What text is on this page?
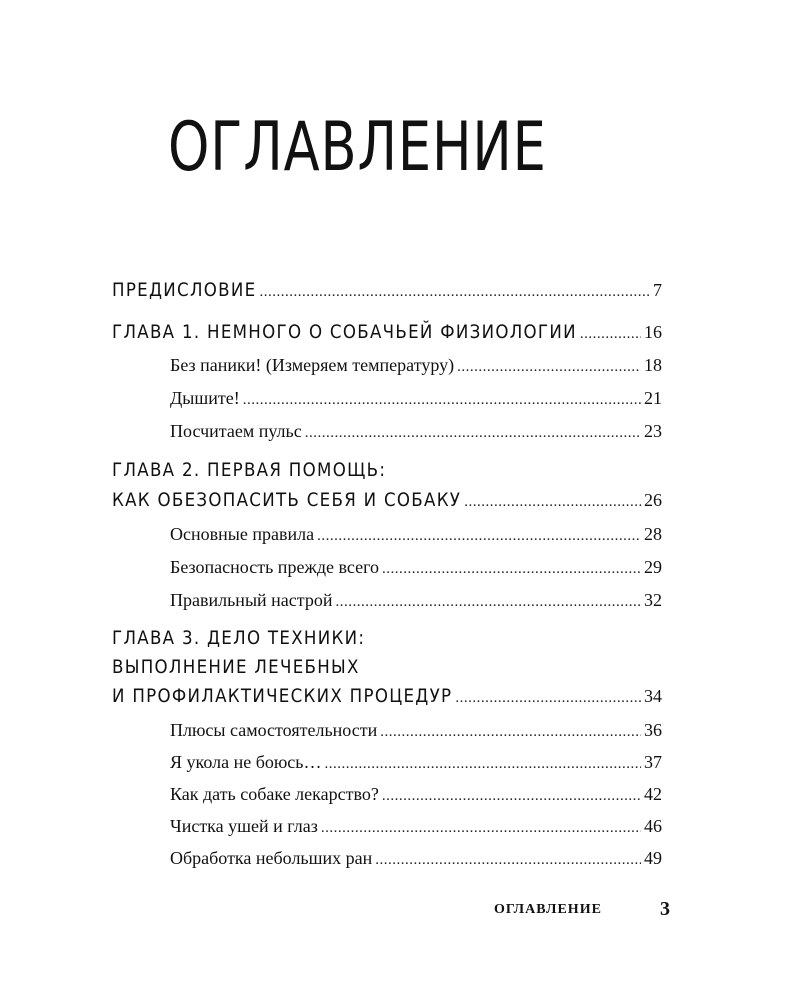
ОГЛАВЛЕНИЕ
ПРЕДИСЛОВИЕ .....	7
ГЛАВА 1. НЕМНОГО О СОБАЧЬЕЙ ФИЗИОЛОГИИ .....	16
Без паники! (Измеряем температуру) .....	18
Дышите! .....	21
Посчитаем пульс .....	23
ГЛАВА 2. ПЕРВАЯ ПОМОЩЬ:
КАК ОБЕЗОПАСИТЬ СЕБЯ И СОБАКУ .....	26
Основные правила .....	28
Безопасность прежде всего .....	29
Правильный настрой .....	32
ГЛАВА 3. ДЕЛО ТЕХНИКИ:
ВЫПОЛНЕНИЕ ЛЕЧЕБНЫХ
И ПРОФИЛАКТИЧЕСКИХ ПРОЦЕДУР .....	34
Плюсы самостоятельности .....	36
Я укола не боюсь… .....	37
Как дать собаке лекарство? .....	42
Чистка ушей и глаз .....	46
Обработка небольших ран .....	49
ОГЛАВЛЕНИЕ	3
